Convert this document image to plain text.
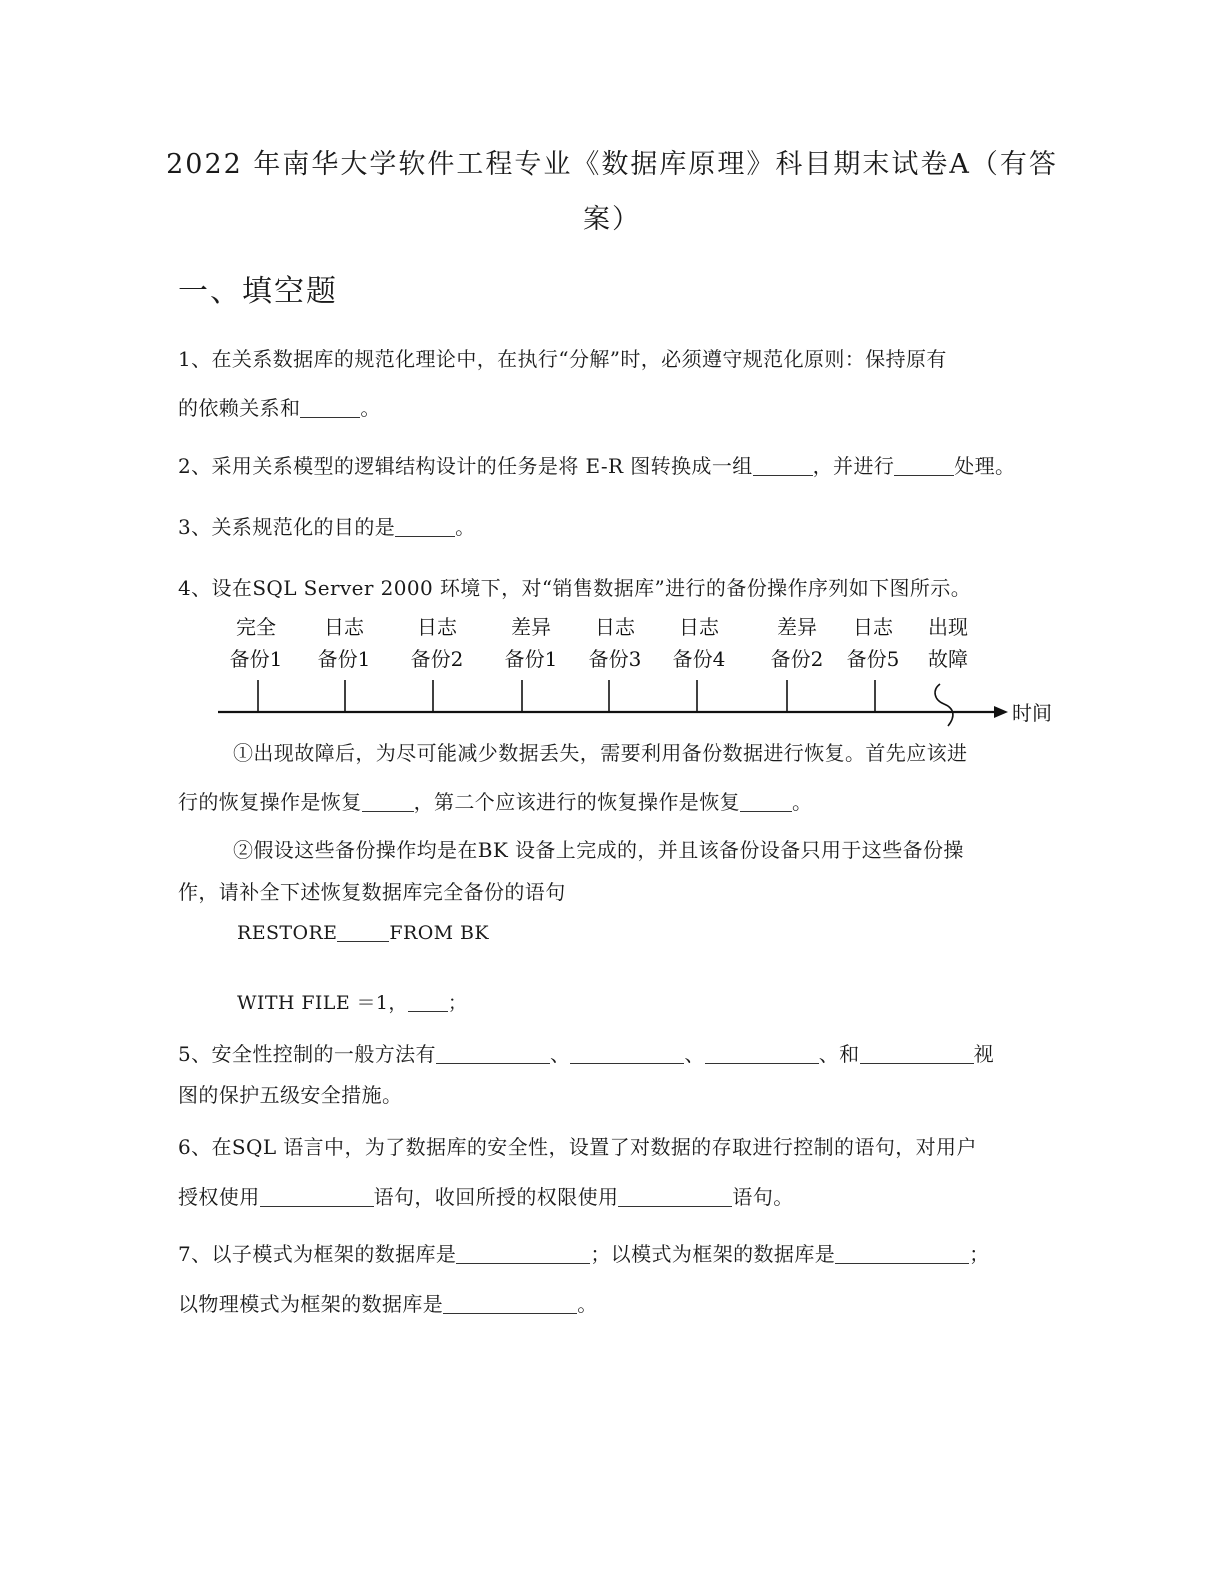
2022 年南华大学软件工程专业《数据库原理》科目期末试卷A（有答
案）
一、填空题
1、在关系数据库的规范化理论中，在执行“分解”时，必须遵守规范化原则：保持原有
的依赖关系和	。
2、采用关系模型的逻辑结构设计的任务是将 E-R 图转换成一组	，并进行	处理。
3、关系规范化的目的是	。
4、设在SQL Server 2000 环境下，对“销售数据库”进行的备份操作序列如下图所示。
时间
完全
备份1
日志
备份1
日志
备份2
差异
备份1
日志
备份3
日志
备份4
差异
备份2
日志
备份5
出现
故障
①出现故障后，为尽可能减少数据丢失，需要利用备份数据进行恢复。首先应该进
行的恢复操作是恢复	，第二个应该进行的恢复操作是恢复	。
②假设这些备份操作均是在BK 设备上完成的，并且该备份设备只用于这些备份操
作，请补全下述恢复数据库完全备份的语句
RESTORE	FROM BK
WITH FILE ＝1， ；
5、安全性控制的一般方法有	、	、	、和	视
图的保护五级安全措施。
6、在SQL 语言中，为了数据库的安全性，设置了对数据的存取进行控制的语句，对用户
授权使用	语句，收回所授的权限使用	语句。
7、以子模式为框架的数据库是	；以模式为框架的数据库是	；
以物理模式为框架的数据库是	。
